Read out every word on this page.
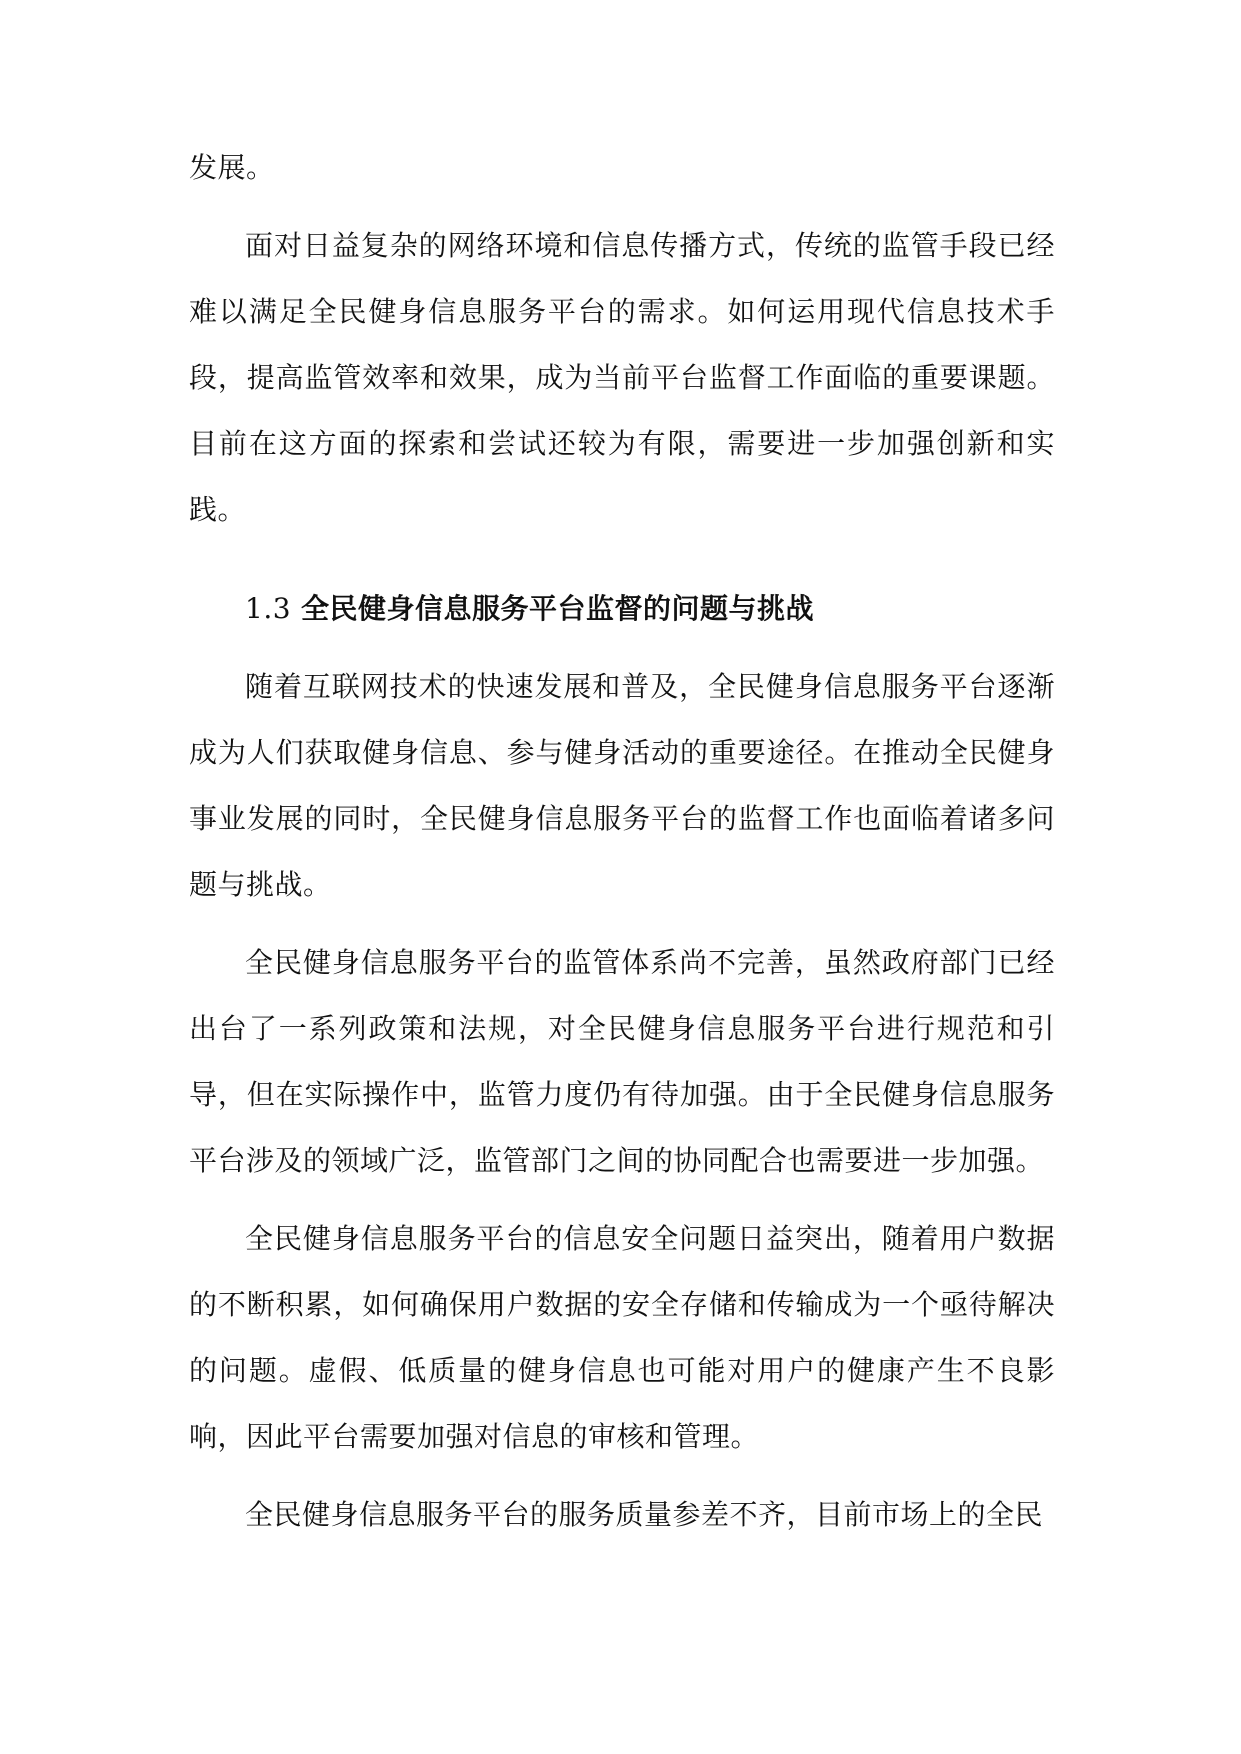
发展。

面对日益复杂的网络环境和信息传播方式，传统的监管手段已经难以满足全民健身信息服务平台的需求。如何运用现代信息技术手段，提高监管效率和效果，成为当前平台监督工作面临的重要课题。目前在这方面的探索和尝试还较为有限，需要进一步加强创新和实践。

1.3 全民健身信息服务平台监督的问题与挑战

随着互联网技术的快速发展和普及，全民健身信息服务平台逐渐成为人们获取健身信息、参与健身活动的重要途径。在推动全民健身事业发展的同时，全民健身信息服务平台的监督工作也面临着诸多问题与挑战。

全民健身信息服务平台的监管体系尚不完善，虽然政府部门已经出台了一系列政策和法规，对全民健身信息服务平台进行规范和引导，但在实际操作中，监管力度仍有待加强。由于全民健身信息服务平台涉及的领域广泛，监管部门之间的协同配合也需要进一步加强。

全民健身信息服务平台的信息安全问题日益突出，随着用户数据的不断积累，如何确保用户数据的安全存储和传输成为一个亟待解决的问题。虚假、低质量的健身信息也可能对用户的健康产生不良影响，因此平台需要加强对信息的审核和管理。

全民健身信息服务平台的服务质量参差不齐，目前市场上的全民
